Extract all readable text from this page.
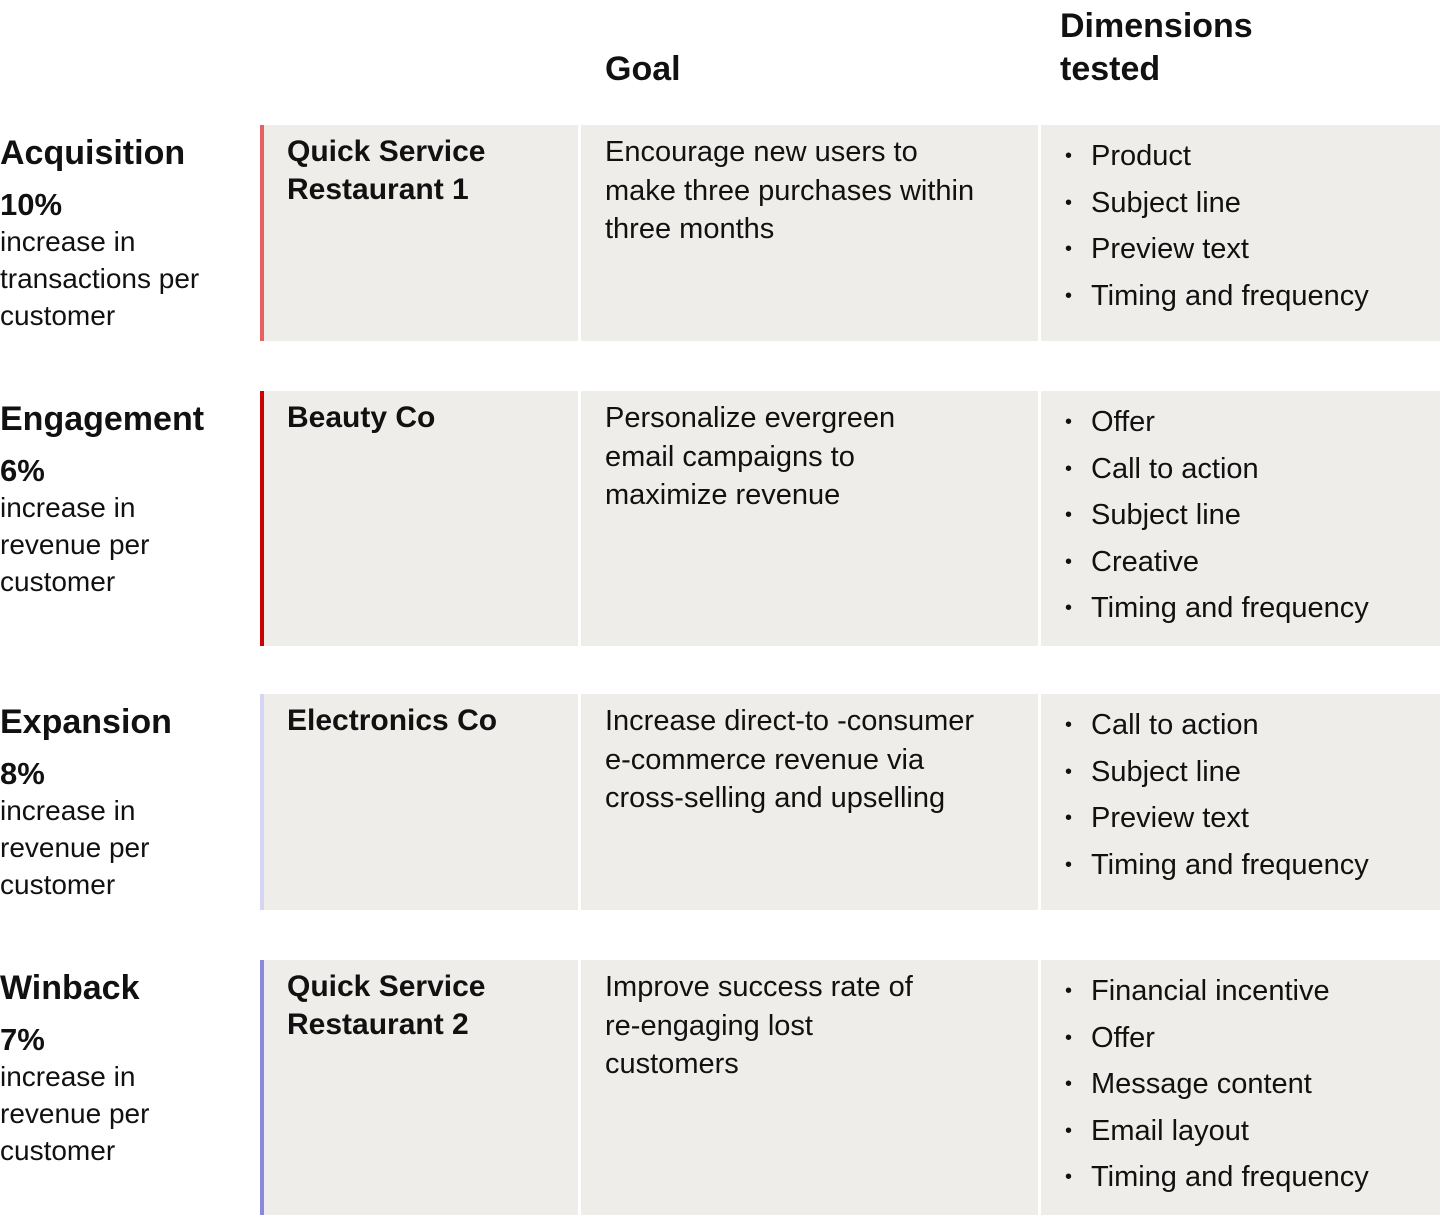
Goal
Dimensions tested
Acquisition
10%
increase in transactions per customer
Quick Service Restaurant 1
Encourage new users to make three purchases within three months
• Product
• Subject line
• Preview text
• Timing and frequency
Engagement
6%
increase in revenue per customer
Beauty Co	Personalize evergreen email campaigns to maximize revenue
• Offer
• Call to action
• Subject line
• Creative
• Timing and frequency
Expansion
8%
increase in revenue per customer
Electronics Co	Increase direct-to -consumer e-commerce revenue via cross-selling and upselling
• Call to action
• Subject line
• Preview text
• Timing and frequency
Winback
7%
increase in revenue per customer
Quick Service Restaurant 2
Improve success rate of re-engaging lost customers
• Financial incentive
• Offer
• Message content
• Email layout
• Timing and frequency
